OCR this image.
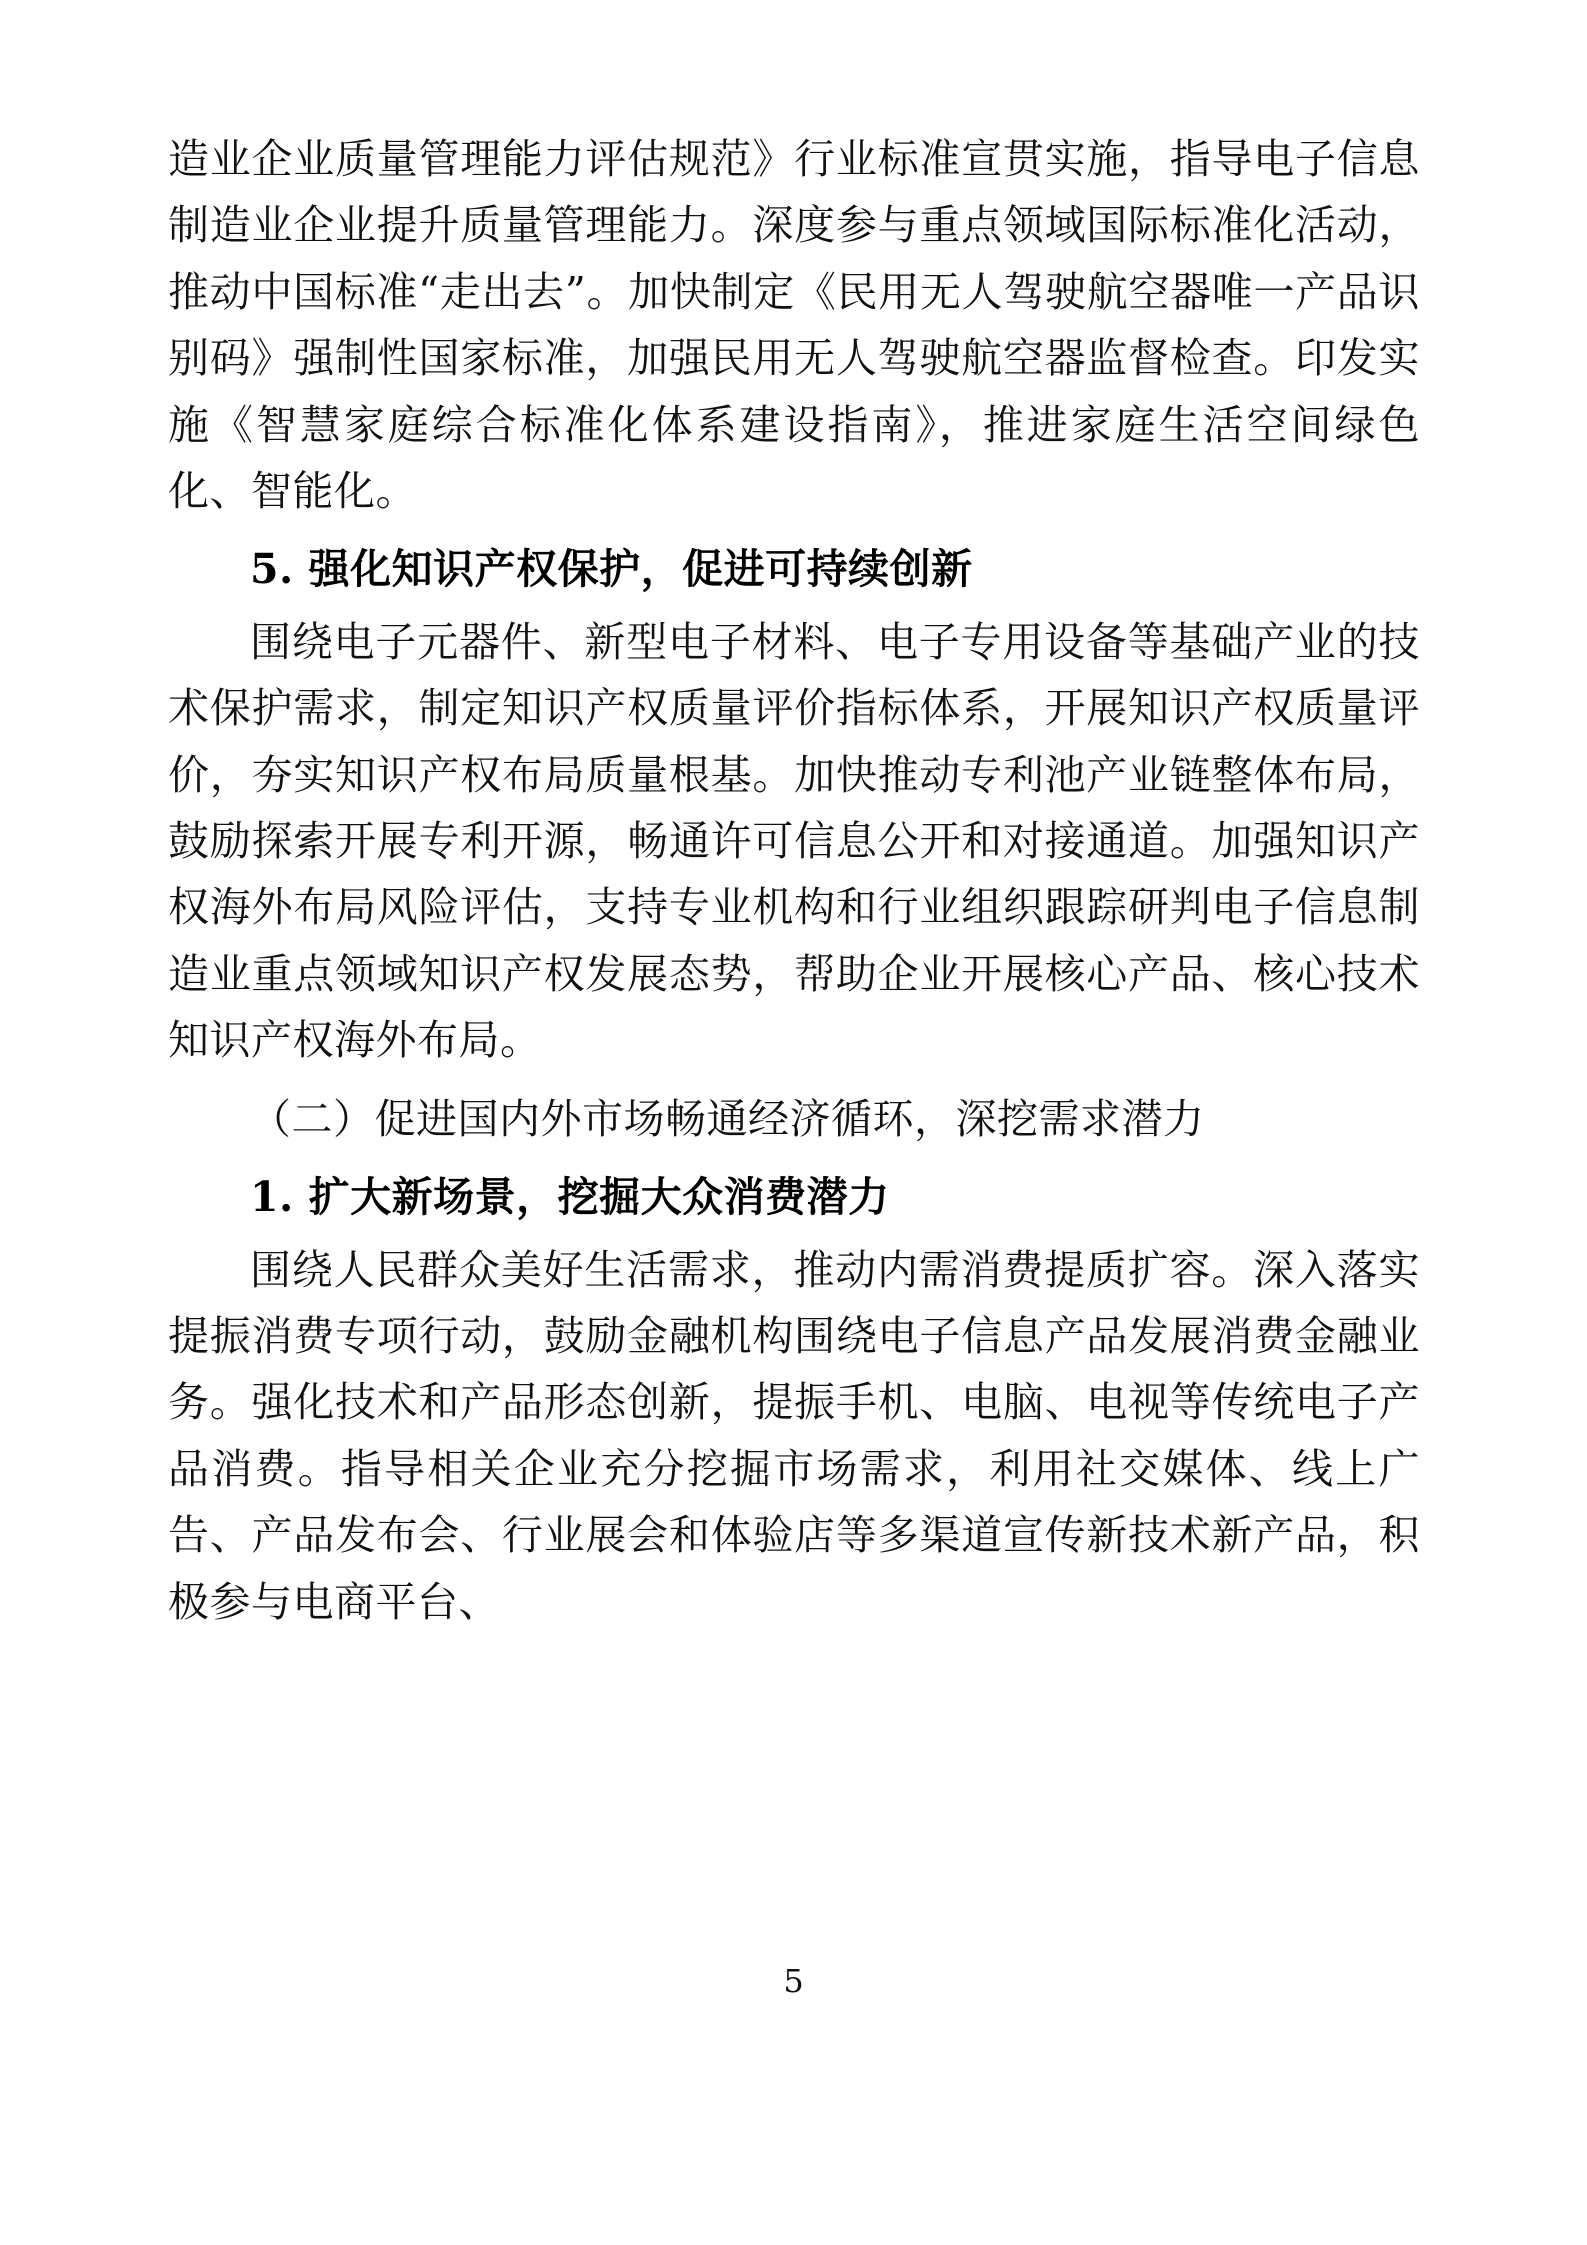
造业企业质量管理能力评估规范》行业标准宣贯实施，指导电子信息制造业企业提升质量管理能力。深度参与重点领域国际标准化活动，推动中国标准“走出去”。加快制定《民用无人驾驶航空器唯一产品识别码》强制性国家标准，加强民用无人驾驶航空器监督检查。印发实施《智慧家庭综合标准化体系建设指南》，推进家庭生活空间绿色化、智能化。

5. 强化知识产权保护，促进可持续创新

围绕电子元器件、新型电子材料、电子专用设备等基础产业的技术保护需求，制定知识产权质量评价指标体系，开展知识产权质量评价，夯实知识产权布局质量根基。加快推动专利池产业链整体布局，鼓励探索开展专利开源，畅通许可信息公开和对接通道。加强知识产权海外布局风险评估，支持专业机构和行业组织跟踪研判电子信息制造业重点领域知识产权发展态势，帮助企业开展核心产品、核心技术知识产权海外布局。

（二）促进国内外市场畅通经济循环，深挖需求潜力

1. 扩大新场景，挖掘大众消费潜力

围绕人民群众美好生活需求，推动内需消费提质扩容。深入落实提振消费专项行动，鼓励金融机构围绕电子信息产品发展消费金融业务。强化技术和产品形态创新，提振手机、电脑、电视等传统电子产品消费。指导相关企业充分挖掘市场需求，利用社交媒体、线上广告、产品发布会、行业展会和体验店等多渠道宣传新技术新产品，积极参与电商平台、

5
